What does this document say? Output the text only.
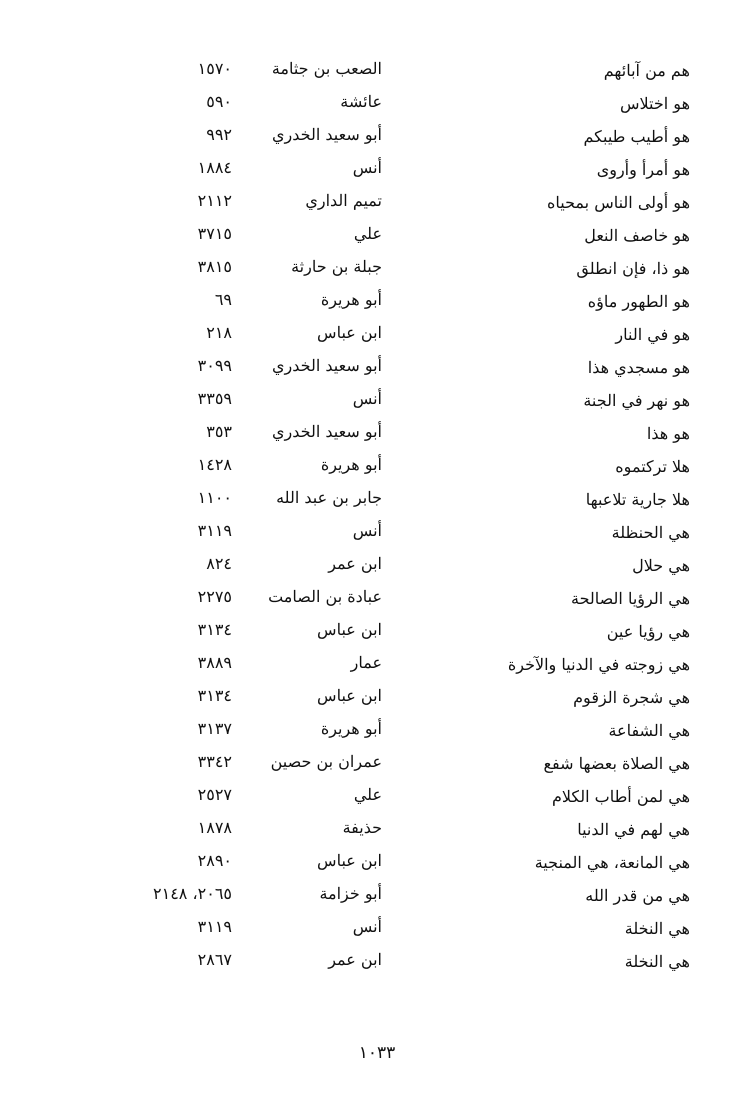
هم من آبائهم
الصعب بن جثامة
١٥٧٠
هو اختلاس
عائشة
٥٩٠
هو أطيب طيبكم
أبو سعيد الخدري
٩٩٢
هو أمرأ وأروى
أنس
١٨٨٤
هو أولى الناس بمحياه
تميم الداري
٢١١٢
هو خاصف النعل
علي
٣٧١٥
هو ذا، فإن انطلق
جبلة بن حارثة
٣٨١٥
هو الطهور ماؤه
أبو هريرة
٦٩
هو في النار
ابن عباس
٢١٨
هو مسجدي هذا
أبو سعيد الخدري
٣٠٩٩
هو نهر في الجنة
أنس
٣٣٥٩
هو هذا
أبو سعيد الخدري
٣٥٣
هلا تركتموه
أبو هريرة
١٤٢٨
هلا جارية تلاعبها
جابر بن عبد الله
١١٠٠
هي الحنظلة
أنس
٣١١٩
هي حلال
ابن عمر
٨٢٤
هي الرؤيا الصالحة
عبادة بن الصامت
٢٢٧٥
هي رؤيا عين
ابن عباس
٣١٣٤
هي زوجته في الدنيا والآخرة
عمار
٣٨٨٩
هي شجرة الزقوم
ابن عباس
٣١٣٤
هي الشفاعة
أبو هريرة
٣١٣٧
هي الصلاة بعضها شفع
عمران بن حصين
٣٣٤٢
هي لمن أطاب الكلام
علي
٢٥٢٧
هي لهم في الدنيا
حذيفة
١٨٧٨
هي المانعة، هي المنجية
ابن عباس
٢٨٩٠
هي من قدر الله
أبو خزامة
٢٠٦٥، ٢١٤٨
هي النخلة
أنس
٣١١٩
هي النخلة
ابن عمر
٢٨٦٧
١٠٣٣
